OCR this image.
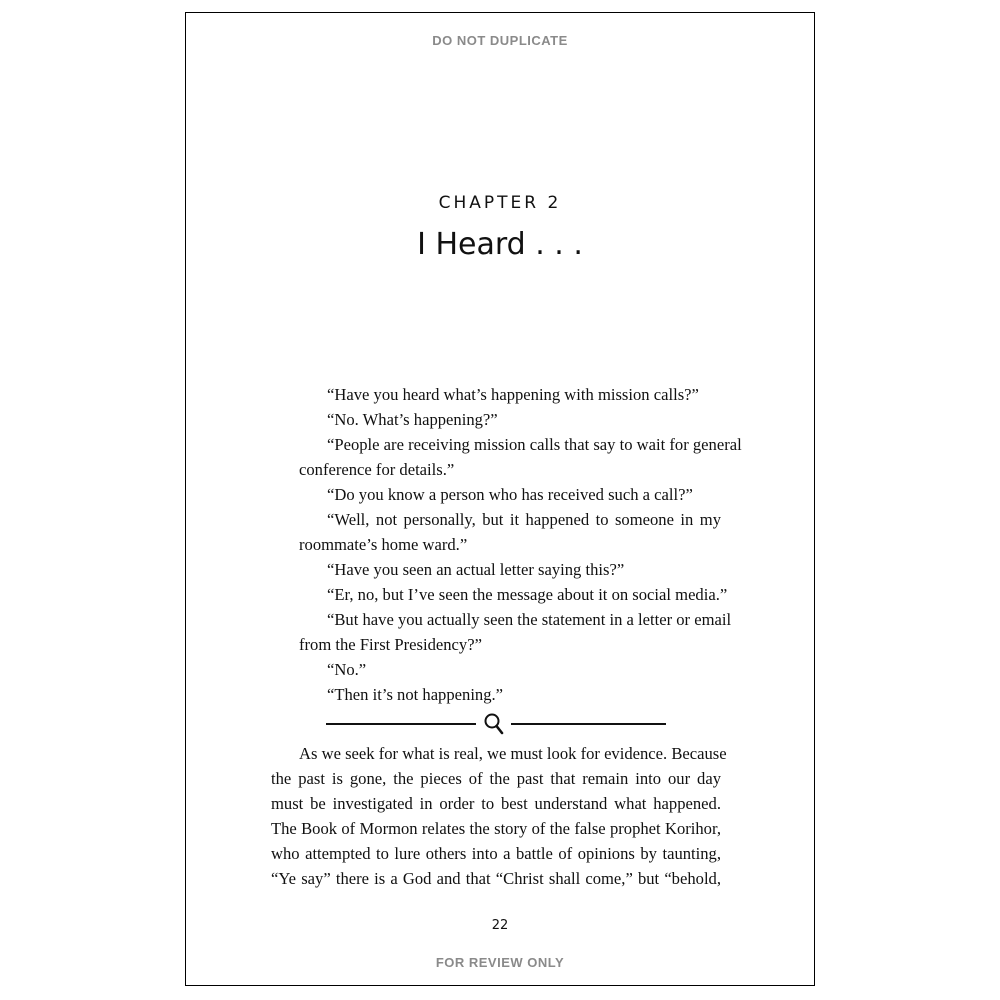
DO NOT DUPLICATE
CHAPTER 2
I Heard . . .

“Have you heard what’s happening with mission calls?”

“No. What’s happening?”

“People are receiving mission calls that say to wait for general
conference for details.”

“Do you know a person who has received such a call?”

“Well, not personally, but it happened to someone in my
roommate’s home ward.”

“Have you seen an actual letter saying this?”

“Er, no, but I’ve seen the message about it on social media.”

“But have you actually seen the statement in a letter or email
from the First Presidency?”

“No.”

“Then it’s not happening.”

As we seek for what is real, we must look for evidence. Because
the past is gone, the pieces of the past that remain into our day
must be investigated in order to best understand what happened.
The Book of Mormon relates the story of the false prophet Korihor,
who attempted to lure others into a battle of opinions by taunting,
“Ye say” there is a God and that “Christ shall come,” but “behold,
22
FOR REVIEW ONLY
